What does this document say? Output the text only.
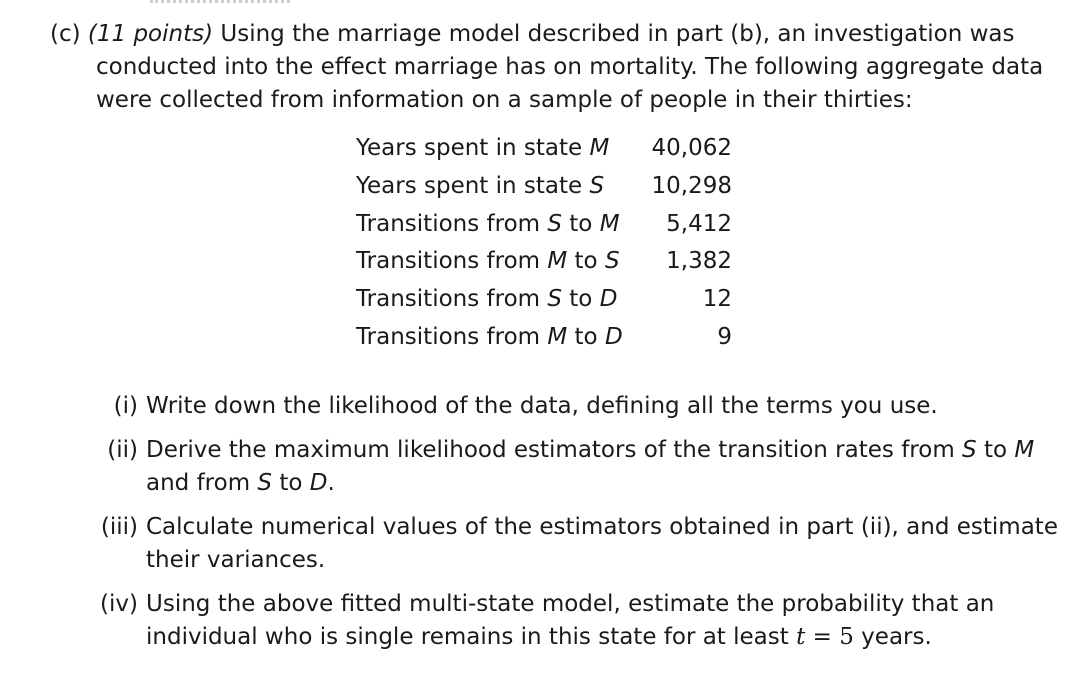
(c) (11 points) Using the marriage model described in part (b), an investigation was
conducted into the effect marriage has on mortality. The following aggregate data
were collected from information on a sample of people in their thirties:
Years spent in state M 40,062
Years spent in state S 10,298
Transitions from S to M 5,412
Transitions from M to S 1,382
Transitions from S to D	12
Transitions from M to D	9
(i) Write down the likelihood of the data, defining all the terms you use.
(ii) Derive the maximum likelihood estimators of the transition rates from S to M
and from S to D.
(iii) Calculate numerical values of the estimators obtained in part (ii), and estimate
their variances.
(iv) Using the above fitted multi-state model, estimate the probability that an
individual who is single remains in this state for at least t = 5 years.
